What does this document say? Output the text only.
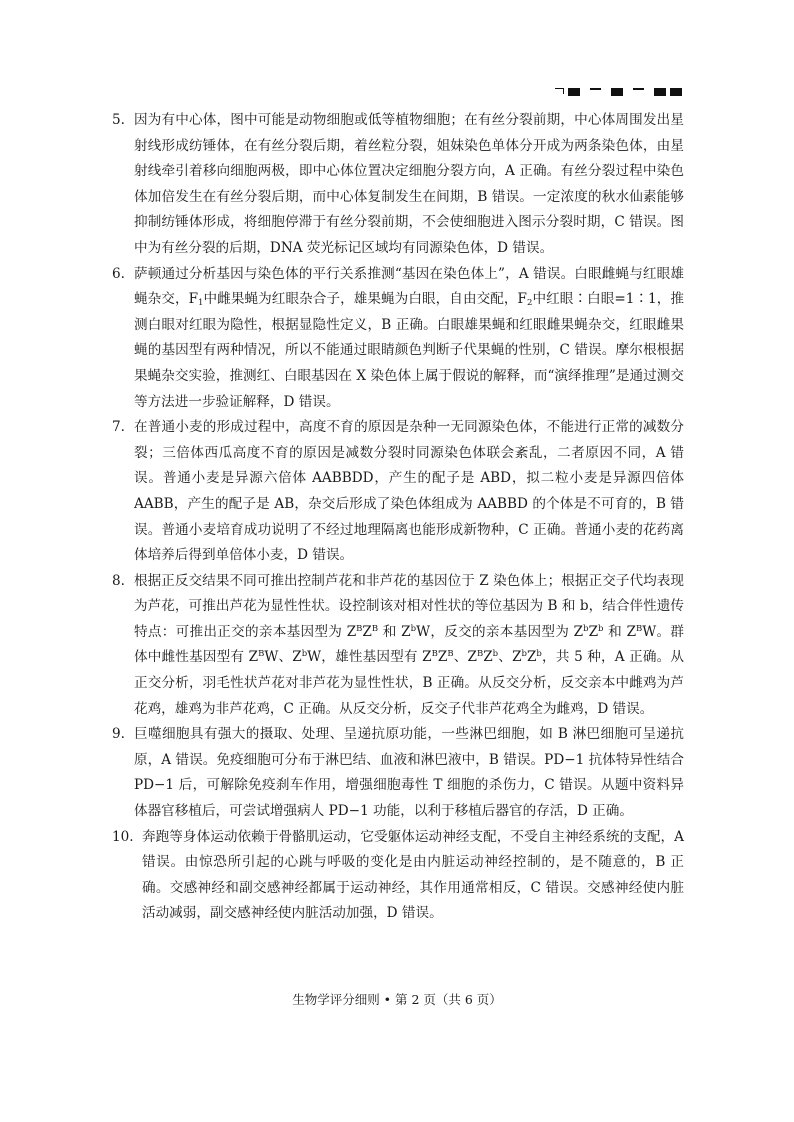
5. 因为有中心体，图中可能是动物细胞或低等植物细胞；在有丝分裂前期，中心体周围发出星射线形成纺锤体，在有丝分裂后期，着丝粒分裂，姐妹染色单体分开成为两条染色体，由星射线牵引着移向细胞两极，即中心体位置决定细胞分裂方向，A 正确。有丝分裂过程中染色体加倍发生在有丝分裂后期，而中心体复制发生在间期，B 错误。一定浓度的秋水仙素能够抑制纺锤体形成，将细胞停滞于有丝分裂前期，不会使细胞进入图示分裂时期，C 错误。图中为有丝分裂的后期，DNA 荧光标记区域均有同源染色体，D 错误。

6. 萨顿通过分析基因与染色体的平行关系推测“基因在染色体上”，A 错误。白眼雌蝇与红眼雄蝇杂交，$F_1$中雌果蝇为红眼杂合子，雄果蝇为白眼，自由交配，$F_2$中红眼∶白眼=1∶1，推测白眼对红眼为隐性，根据显隐性定义，B 正确。白眼雄果蝇和红眼雌果蝇杂交，红眼雌果蝇的基因型有两种情况，所以不能通过眼睛颜色判断子代果蝇的性别，C 错误。摩尔根根据果蝇杂交实验，推测红、白眼基因在 X 染色体上属于假说的解释，而“演绎推理”是通过测交等方法进一步验证解释，D 错误。

7. 在普通小麦的形成过程中，高度不育的原因是杂种一无同源染色体，不能进行正常的减数分裂；三倍体西瓜高度不育的原因是减数分裂时同源染色体联会紊乱，二者原因不同，A 错误。普通小麦是异源六倍体 AABBDD，产生的配子是 ABD，拟二粒小麦是异源四倍体 AABB，产生的配子是 AB，杂交后形成了染色体组成为 AABBD 的个体是不可育的，B 错误。普通小麦培育成功说明了不经过地理隔离也能形成新物种，C 正确。普通小麦的花药离体培养后得到单倍体小麦，D 错误。

8. 根据正反交结果不同可推出控制芦花和非芦花的基因位于 Z 染色体上；根据正交子代均表现为芦花，可推出芦花为显性性状。设控制该对相对性状的等位基因为 B 和 b，结合伴性遗传特点：可推出正交的亲本基因型为 $Z^BZ^B$ 和 $Z^bW$，反交的亲本基因型为 $Z^bZ^b$ 和 $Z^BW$。群体中雌性基因型有 $Z^BW$、$Z^bW$，雄性基因型有 $Z^BZ^B$、$Z^BZ^b$、$Z^bZ^b$，共 5 种，A 正确。从正交分析，羽毛性状芦花对非芦花为显性性状，B 正确。从反交分析，反交亲本中雌鸡为芦花鸡，雄鸡为非芦花鸡，C 正确。从反交分析，反交子代非芦花鸡全为雌鸡，D 错误。

9. 巨噬细胞具有强大的摄取、处理、呈递抗原功能，一些淋巴细胞，如 B 淋巴细胞可呈递抗原，A 错误。免疫细胞可分布于淋巴结、血液和淋巴液中，B 错误。PD−1 抗体特异性结合 PD−1 后，可解除免疫刹车作用，增强细胞毒性 T 细胞的杀伤力，C 错误。从题中资料异体器官移植后，可尝试增强病人 PD−1 功能，以利于移植后器官的存活，D 正确。

10. 奔跑等身体运动依赖于骨骼肌运动，它受躯体运动神经支配，不受自主神经系统的支配，A 错误。由惊恐所引起的心跳与呼吸的变化是由内脏运动神经控制的，是不随意的，B 正确。交感神经和副交感神经都属于运动神经，其作用通常相反，C 错误。交感神经使内脏活动减弱，副交感神经使内脏活动加强，D 错误。

生物学评分细则 • 第 2 页（共 6 页）
